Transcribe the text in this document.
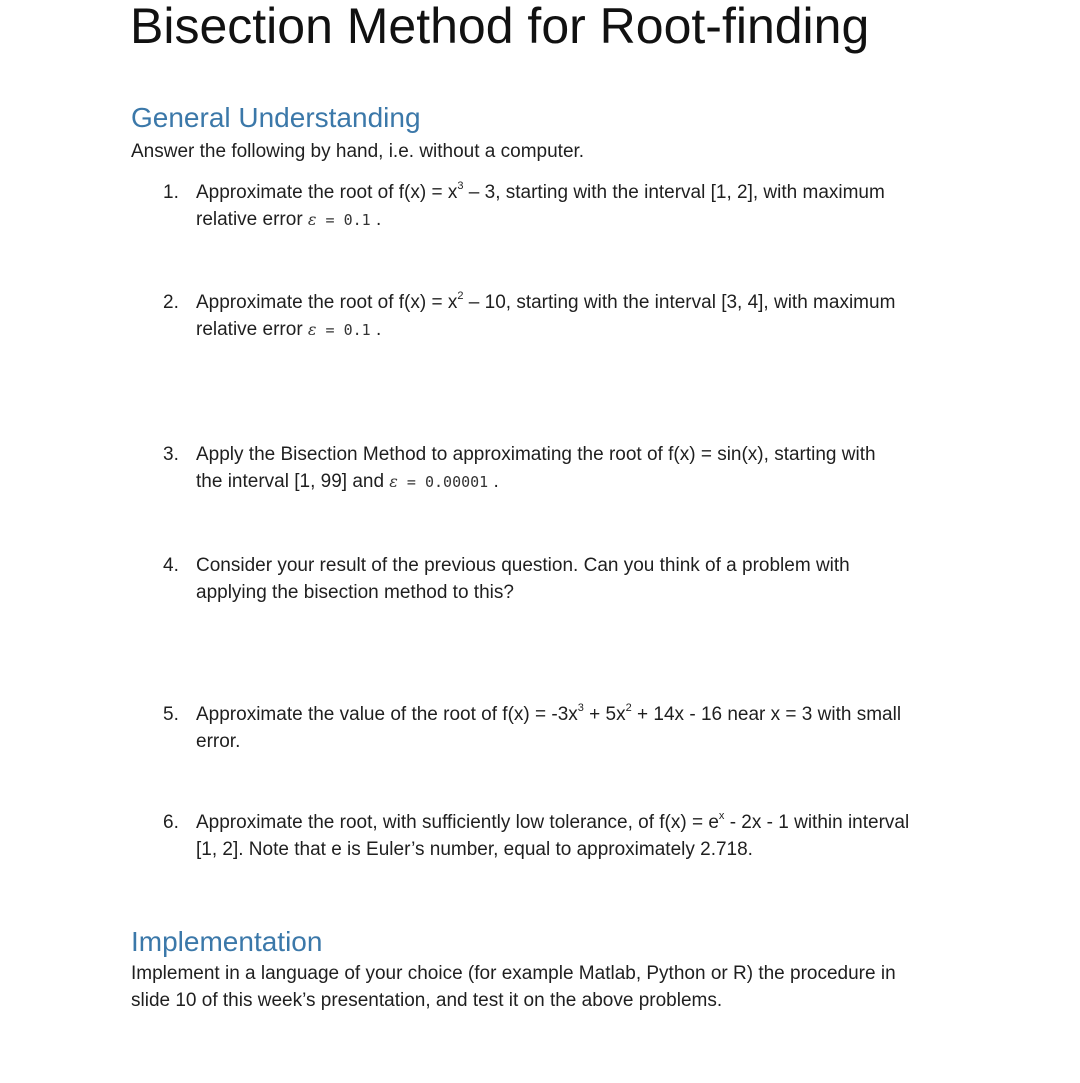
Bisection Method for Root-finding
General Understanding

Answer the following by hand, i.e. without a computer.

1. Approximate the root of $f(x) = x^3 - 3$, starting with the interval [1, 2], with maximum
relative error ε = 0.1 .
2. Approximate the root of $f(x) = x^2 - 10$, starting with the interval [3, 4], with maximum
relative error ε = 0.1 .
3. Apply the Bisection Method to approximating the root of f(x) = sin(x), starting with
the interval [1, 99] and ε = 0.00001 .
4. Consider your result of the previous question. Can you think of a problem with
applying the bisection method to this?
5. Approximate the value of the root of $f(x) = -3x^3 + 5x^2 + 14x - 16$ near x = 3 with small
error.
6. Approximate the root, with sufficiently low tolerance, of $f(x) = e^x - 2x - 1$ within interval
[1, 2]. Note that e is Euler’s number, equal to approximately 2.718.
Implementation

Implement in a language of your choice (for example Matlab, Python or R) the procedure in
slide 10 of this week’s presentation, and test it on the above problems.
